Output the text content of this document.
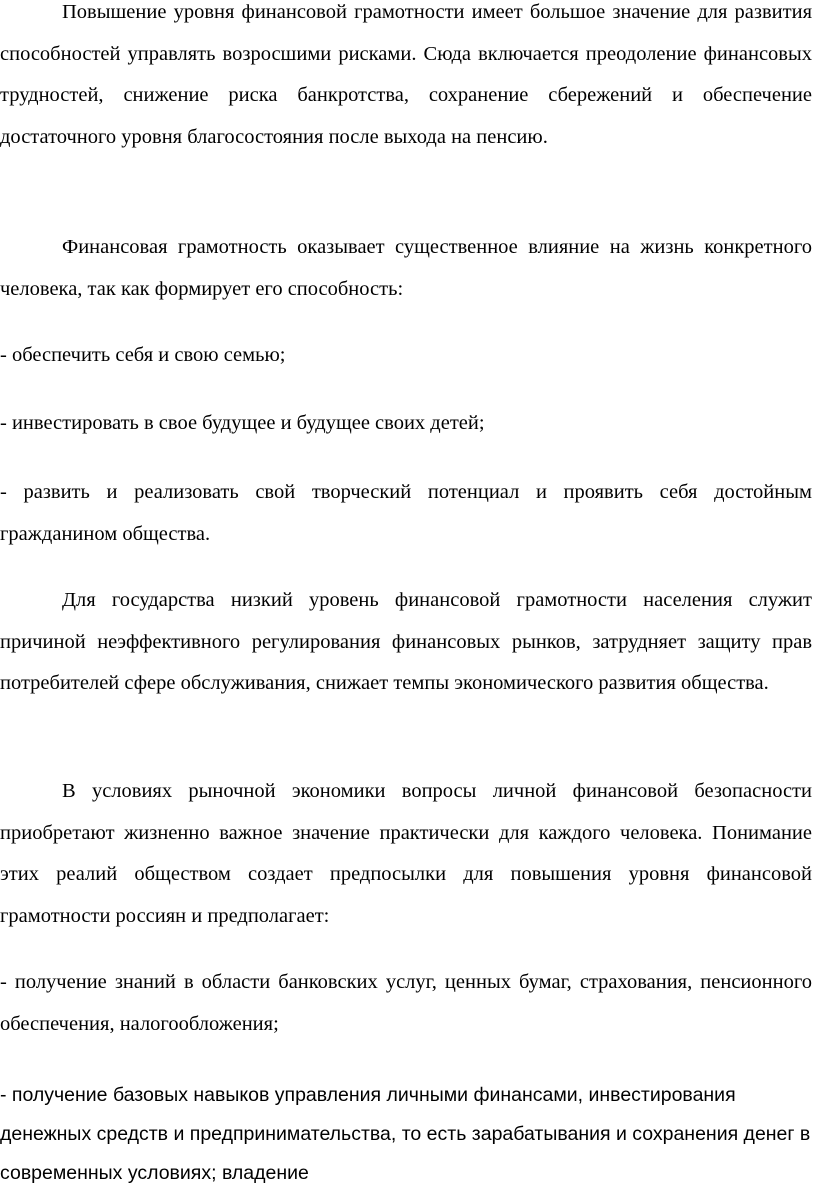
Повышение уровня финансовой грамотности имеет большое значение для развития способностей управлять возросшими рисками. Сюда включается преодоление финансовых трудностей, снижение риска банкротства, сохранение сбережений и обеспечение достаточного уровня благосостояния после выхода на пенсию.

Финансовая грамотность оказывает существенное влияние на жизнь конкретного человека, так как формирует его способность:

- обеспечить себя и свою семью;

- инвестировать в свое будущее и будущее своих детей;

- развить и реализовать свой творческий потенциал и проявить себя достойным гражданином общества.

Для государства низкий уровень финансовой грамотности населения служит причиной неэффективного регулирования финансовых рынков, затрудняет защиту прав потребителей сфере обслуживания, снижает темпы экономического развития общества.

В условиях рыночной экономики вопросы личной финансовой безопасности приобретают жизненно важное значение практически для каждого человека. Понимание этих реалий обществом создает предпосылки для повышения уровня финансовой грамотности россиян и предполагает:

- получение знаний в области банковских услуг, ценных бумаг, страхования, пенсионного обеспечения, налогообложения;

- получение базовых навыков управления личными финансами, инвестирования денежных средств и предпринимательства, то есть зарабатывания и сохранения денег в современных условиях; владение
